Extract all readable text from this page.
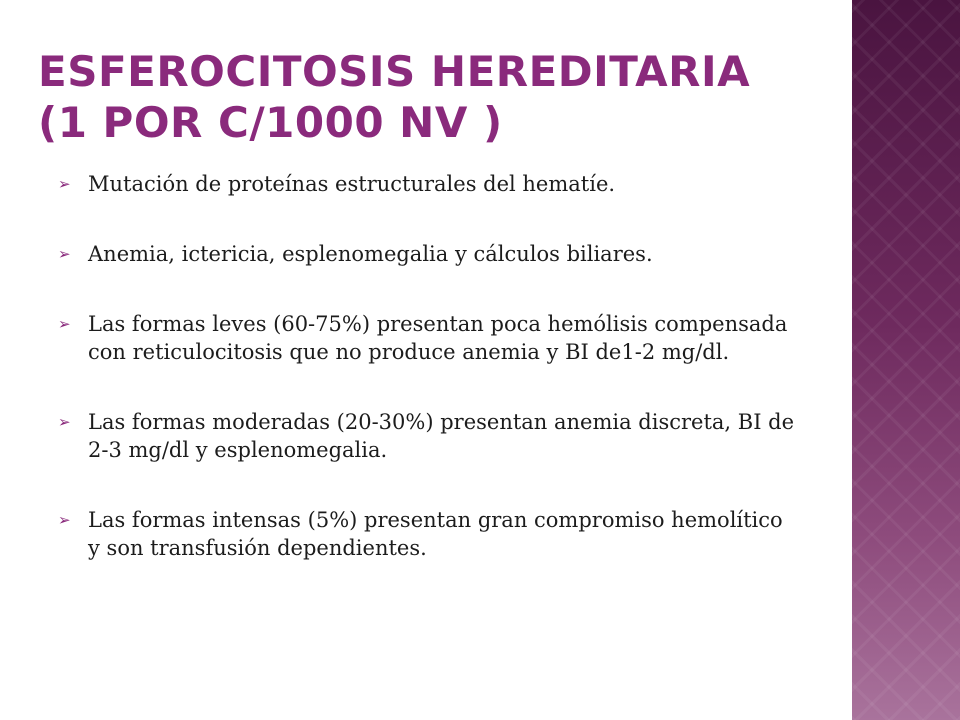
ESFEROCITOSIS HEREDITARIA
(1 POR C/1000 NV )
➢ Mutación de proteínas estructurales del hematíe.
➢ Anemia, ictericia, esplenomegalia y cálculos biliares.
➢ Las formas leves (60-75%) presentan poca hemólisis compensada con reticulocitosis que no produce anemia y BI de1-2 mg/dl.
➢ Las formas moderadas (20-30%) presentan anemia discreta, BI de 2-3 mg/dl y esplenomegalia.
➢ Las formas intensas (5%) presentan gran compromiso hemolítico y son transfusión dependientes.
